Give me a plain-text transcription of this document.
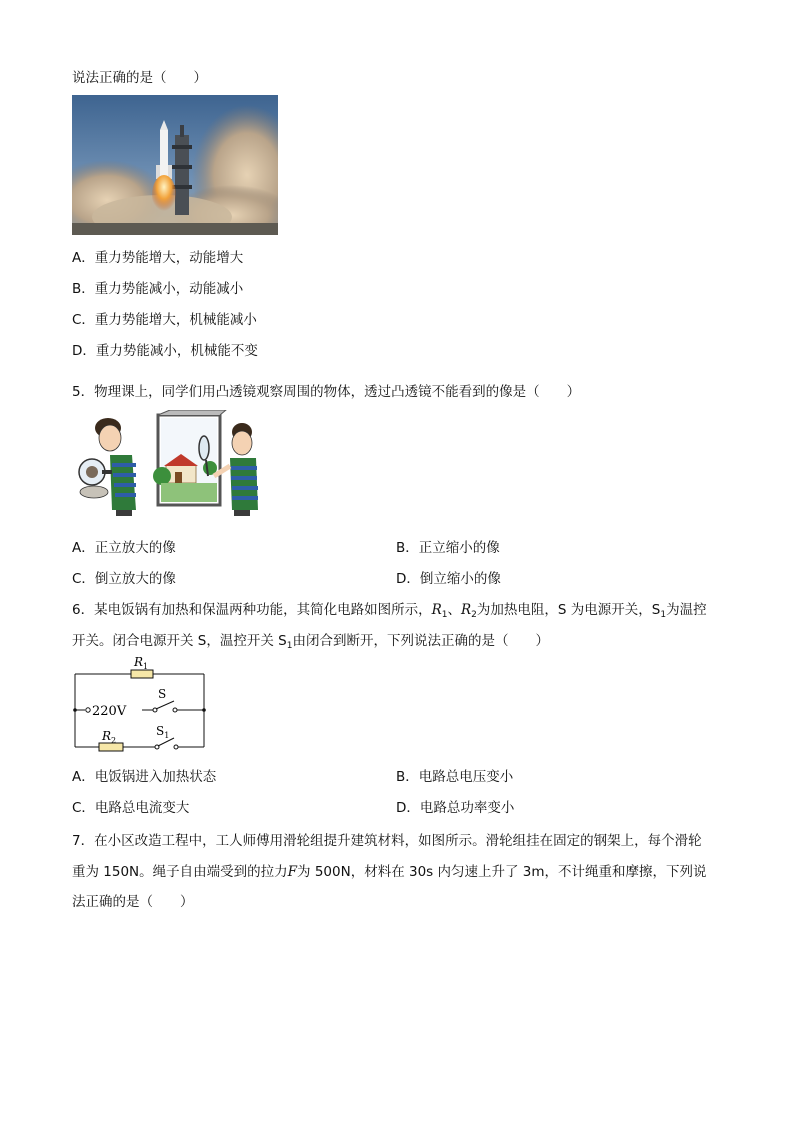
说法正确的是（　　）
A．重力势能增大，动能增大
B．重力势能减小，动能减小
C．重力势能增大，机械能减小
D．重力势能减小，机械能不变
5．物理课上，同学们用凸透镜观察周围的物体，透过凸透镜不能看到的像是（　　）
A．正立放大的像	B．正立缩小的像
C．倒立放大的像	D．倒立缩小的像
6．某电饭锅有加热和保温两种功能，其简化电路如图所示，$R_1$、$R_2$为加热电阻，S 为电源开关，$S_1$为温控
开关。闭合电源开关 S，温控开关 $S_1$由闭合到断开，下列说法正确的是（　　）
$R_1$
$R_2$
220V
S
$S_1$
A．电饭锅进入加热状态	B．电路总电压变小
C．电路总电流变大	D．电路总功率变小
7．在小区改造工程中，工人师傅用滑轮组提升建筑材料，如图所示。滑轮组挂在固定的钢架上，每个滑轮
重为 150N。绳子自由端受到的拉力F为 500N，材料在 30s 内匀速上升了 3m，不计绳重和摩擦，下列说
法正确的是（　　）
